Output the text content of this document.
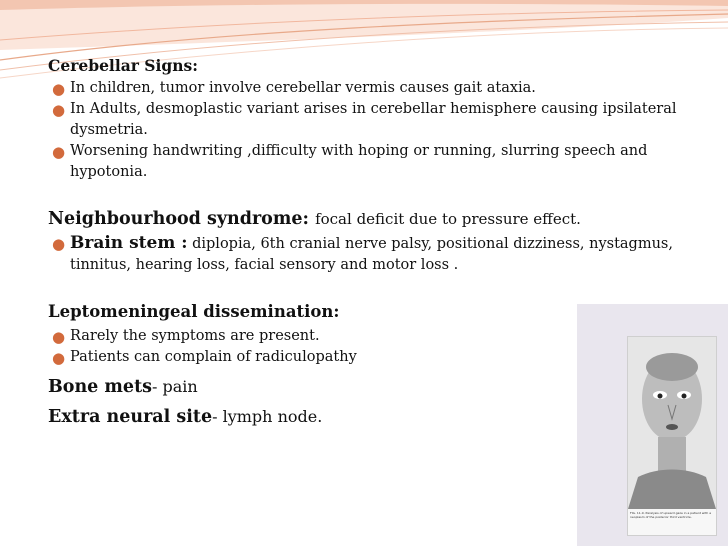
Cerebellar Signs:

● In children, tumor involve cerebellar vermis causes gait ataxia.
● In Adults, desmoplastic variant arises in cerebellar hemisphere causing ipsilateral dysmetria.
● Worsening handwriting ,difficulty with hoping or running, slurring speech and hypotonia.

Neighbourhood syndrome: focal deficit due to pressure effect.

● Brain stem : diplopia, 6th cranial nerve palsy, positional dizziness, nystagmus, tinnitus, hearing loss, facial sensory and motor loss .

Leptomeningeal dissemination:

● Rarely the symptoms are present.
● Patients can complain of radiculopathy

Bone mets- pain

Extra neural site- lymph node.

FIG. 11-9. Paralysis of upward gaze in a patient with a neoplasm of the posterior third ventricle.
